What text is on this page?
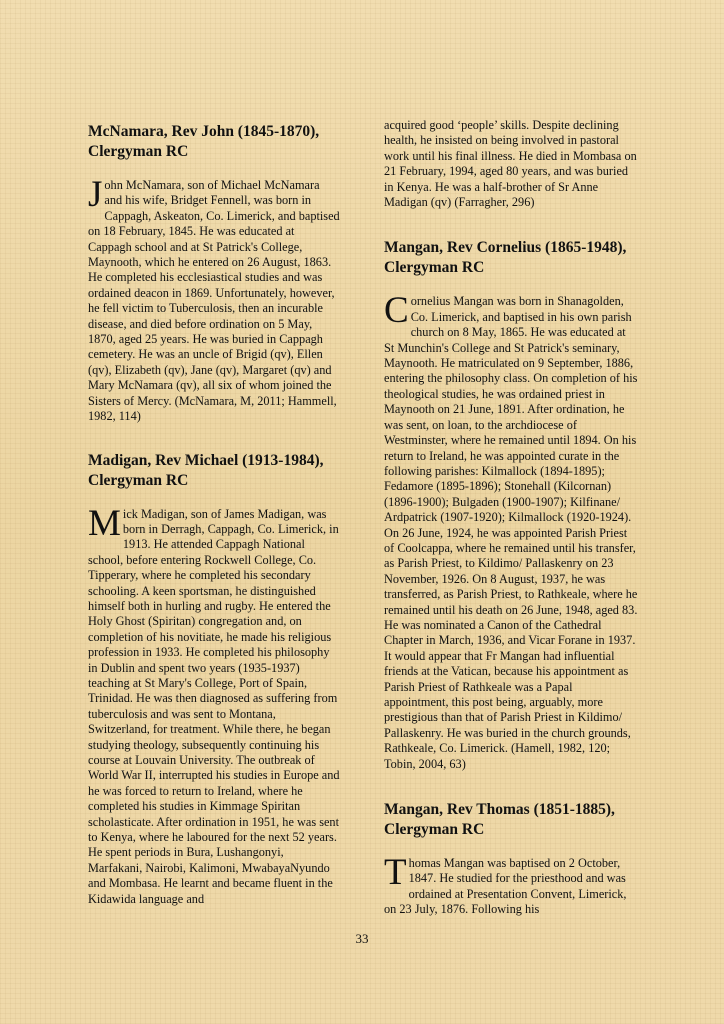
McNamara, Rev John (1845-1870), Clergyman RC

John McNamara, son of Michael McNamara and his wife, Bridget Fennell, was born in Cappagh, Askeaton, Co. Limerick, and baptised on 18 February, 1845. He was educated at Cappagh school and at St Patrick's College, Maynooth, which he entered on 26 August, 1863. He completed his ecclesiastical studies and was ordained deacon in 1869. Unfortunately, however, he fell victim to Tuberculosis, then an incurable disease, and died before ordination on 5 May, 1870, aged 25 years. He was buried in Cappagh cemetery. He was an uncle of Brigid (qv), Ellen (qv), Elizabeth (qv), Jane (qv), Margaret (qv) and Mary McNamara (qv), all six of whom joined the Sisters of Mercy. (McNamara, M, 2011; Hammell, 1982, 114)

Madigan, Rev Michael (1913-1984), Clergyman RC

Mick Madigan, son of James Madigan, was born in Derragh, Cappagh, Co. Limerick, in 1913. He attended Cappagh National school, before entering Rockwell College, Co. Tipperary, where he completed his secondary schooling. A keen sportsman, he distinguished himself both in hurling and rugby. He entered the Holy Ghost (Spiritan) congregation and, on completion of his novitiate, he made his religious profession in 1933. He completed his philosophy in Dublin and spent two years (1935-1937) teaching at St Mary's College, Port of Spain, Trinidad. He was then diagnosed as suffering from tuberculosis and was sent to Montana, Switzerland, for treatment. While there, he began studying theology, subsequently continuing his course at Louvain University. The outbreak of World War II, interrupted his studies in Europe and he was forced to return to Ireland, where he completed his studies in Kimmage Spiritan scholasticate. After ordination in 1951, he was sent to Kenya, where he laboured for the next 52 years. He spent periods in Bura, Lushangonyi, Marfakani, Nairobi, Kalimoni, MwabayaNyundo and Mombasa. He learnt and became fluent in the Kidawida language and

acquired good ‘people’ skills. Despite declining health, he insisted on being involved in pastoral work until his final illness. He died in Mombasa on 21 February, 1994, aged 80 years, and was buried in Kenya. He was a half-brother of Sr Anne Madigan (qv) (Farragher, 296)

Mangan, Rev Cornelius (1865-1948), Clergyman RC

Cornelius Mangan was born in Shanagolden, Co. Limerick, and baptised in his own parish church on 8 May, 1865. He was educated at St Munchin's College and St Patrick's seminary, Maynooth. He matriculated on 9 September, 1886, entering the philosophy class. On completion of his theological studies, he was ordained priest in Maynooth on 21 June, 1891. After ordination, he was sent, on loan, to the archdiocese of Westminster, where he remained until 1894. On his return to Ireland, he was appointed curate in the following parishes: Kilmallock (1894-1895); Fedamore (1895-1896); Stonehall (Kilcornan) (1896-1900); Bulgaden (1900-1907); Kilfinane/ Ardpatrick (1907-1920); Kilmallock (1920-1924). On 26 June, 1924, he was appointed Parish Priest of Coolcappa, where he remained until his transfer, as Parish Priest, to Kildimo/ Pallaskenry on 23 November, 1926. On 8 August, 1937, he was transferred, as Parish Priest, to Rathkeale, where he remained until his death on 26 June, 1948, aged 83. He was nominated a Canon of the Cathedral Chapter in March, 1936, and Vicar Forane in 1937. It would appear that Fr Mangan had influential friends at the Vatican, because his appointment as Parish Priest of Rathkeale was a Papal appointment, this post being, arguably, more prestigious than that of Parish Priest in Kildimo/ Pallaskenry. He was buried in the church grounds, Rathkeale, Co. Limerick. (Hamell, 1982, 120; Tobin, 2004, 63)

Mangan, Rev Thomas (1851-1885), Clergyman RC

Thomas Mangan was baptised on 2 October, 1847. He studied for the priesthood and was ordained at Presentation Convent, Limerick, on 23 July, 1876. Following his

33
